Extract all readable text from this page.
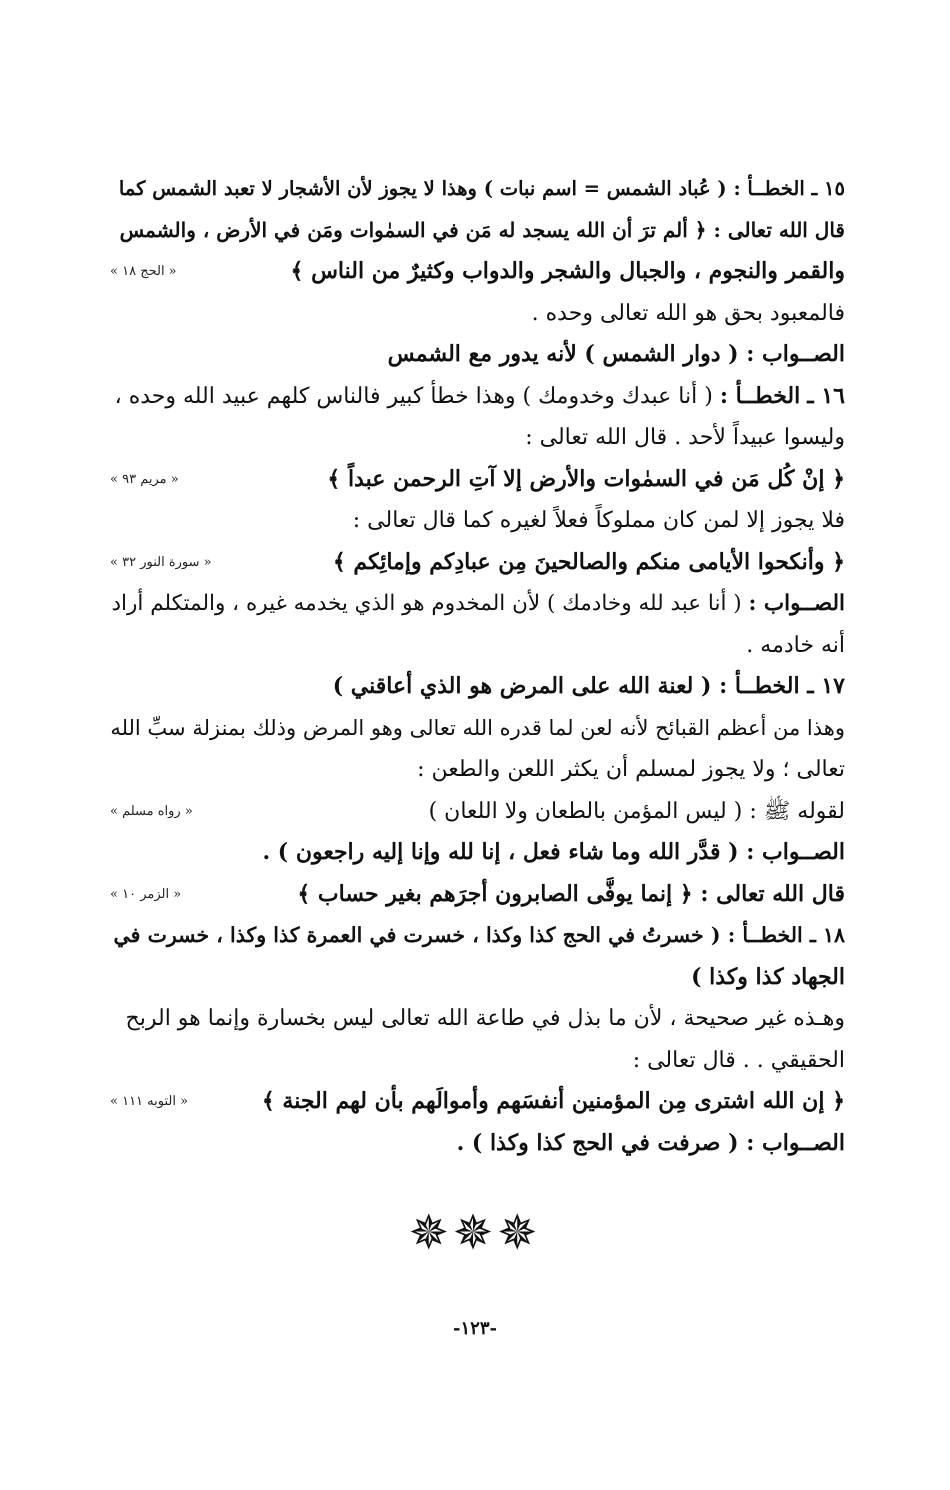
١٥ ـ الخطــأ : ( عُباد الشمس = اسم نبات ) وهذا لا يجوز لأن الأشجار لا تعبد الشمس كما
قال الله تعالى : ﴿ ألم ترَ أن الله يسجد له مَن في السمٰوات ومَن في الأرض ، والشمس
والقمر والنجوم ، والجبال والشجر والدواب وكثيرٌ من الناس ﴾
« الحج ١٨ »
فالمعبود بحق هو الله تعالى وحده .
الصــواب : ( دوار الشمس ) لأنه يدور مع الشمس
١٦ ـ الخطــأ : ( أنا عبدك وخدومك ) وهذا خطأ كبير فالناس كلهم عبيد الله وحده ،
وليسوا عبيداً لأحد . قال الله تعالى :
﴿ إنْ كُل مَن في السمٰوات والأرض إلا آتِ الرحمن عبداً ﴾
« مريم ٩٣ »
فلا يجوز إلا لمن كان مملوكاً فعلاً لغيره كما قال تعالى :
﴿ وأنكحوا الأيامى منكم والصالحينَ مِن عبادِكم وإمائِكم ﴾
« سورة النور ٣٢ »
الصــواب : ( أنا عبد لله وخادمك ) لأن المخدوم هو الذي يخدمه غيره ، والمتكلم أراد
أنه خادمه .
١٧ ـ الخطــأ : ( لعنة الله على المرض هو الذي أعاقني )
وهذا من أعظم القبائح لأنه لعن لما قدره الله تعالى وهو المرض وذلك بمنزلة سبِّ الله
تعالى ؛ ولا يجوز لمسلم أن يكثر اللعن والطعن :
لقوله ﷺ : ( ليس المؤمن بالطعان ولا اللعان )
« رواه مسلم »
الصــواب : ( قدَّر الله وما شاء فعل ، إنا لله وإنا إليه راجعون ) .
قال الله تعالى : ﴿ إنما يوفَّى الصابرون أجرَهم بغير حساب ﴾
« الزمر ١٠ »
١٨ ـ الخطــأ : ( خسرتُ في الحج كذا وكذا ، خسرت في العمرة كذا وكذا ، خسرت في
الجهاد كذا وكذا )
وهـذه غير صحيحة ، لأن ما بذل في طاعة الله تعالى ليس بخسارة وإنما هو الربح
الحقيقي . . قال تعالى :
﴿ إن الله اشترى مِن المؤمنين أنفسَهم وأموالَهم بأن لهم الجنة ﴾
« التوبه ١١١ »
الصــواب : ( صرفت في الحج كذا وكذا ) .
✵✵✵
-١٢٣-
